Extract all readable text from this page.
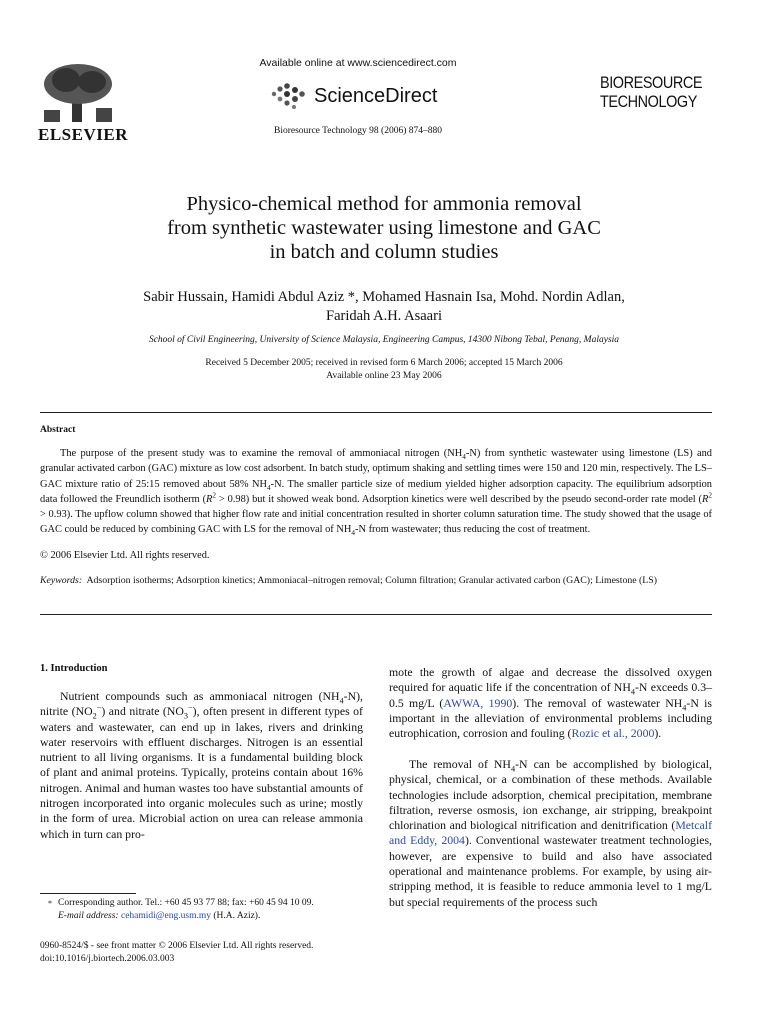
ELSEVIER
Available online at www.sciencedirect.com
ScienceDirect
Bioresource Technology 98 (2006) 874–880
BIORESOURCE
TECHNOLOGY
Physico-chemical method for ammonia removal
from synthetic wastewater using limestone and GAC
in batch and column studies
Sabir Hussain, Hamidi Abdul Aziz *, Mohamed Hasnain Isa, Mohd. Nordin Adlan,
Faridah A.H. Asaari
School of Civil Engineering, University of Science Malaysia, Engineering Campus, 14300 Nibong Tebal, Penang, Malaysia
Received 5 December 2005; received in revised form 6 March 2006; accepted 15 March 2006
Available online 23 May 2006
Abstract
The purpose of the present study was to examine the removal of ammoniacal nitrogen $(NH_4-N)$ from synthetic wastewater using limestone (LS) and granular activated carbon (GAC) mixture as low cost adsorbent. In batch study, optimum shaking and settling times were 150 and 120 min, respectively. The LS–GAC mixture ratio of 25:15 removed about 58% $NH_4-N$. The smaller particle size of medium yielded higher adsorption capacity. The equilibrium adsorption data followed the Freundlich isotherm $(R^2 > 0.98)$ but it showed weak bond. Adsorption kinetics were well described by the pseudo second-order rate model $(R^2 > 0.93)$. The upflow column showed that higher flow rate and initial concentration resulted in shorter column saturation time. The study showed that the usage of GAC could be reduced by combining GAC with LS for the removal of $NH_4-N$ from wastewater; thus reducing the cost of treatment.
© 2006 Elsevier Ltd. All rights reserved.
Keywords: Adsorption isotherms; Adsorption kinetics; Ammoniacal–nitrogen removal; Column filtration; Granular activated carbon (GAC); Limestone (LS)
1. Introduction
Nutrient compounds such as ammoniacal nitrogen $(NH_4-N)$, nitrite $(NO_2^-)$ and nitrate $(NO_3^-)$, often present in different types of waters and wastewater, can end up in lakes, rivers and drinking water reservoirs with effluent discharges. Nitrogen is an essential nutrient to all living organisms. It is a fundamental building block of plant and animal proteins. Typically, proteins contain about 16% nitrogen. Animal and human wastes too have substantial amounts of nitrogen incorporated into organic molecules such as urine; mostly in the form of urea. Microbial action on urea can release ammonia which in turn can pro-
mote the growth of algae and decrease the dissolved oxygen required for aquatic life if the concentration of $NH_4-N$ exceeds 0.3–0.5 mg/L (AWWA, 1990). The removal of wastewater $NH_4-N$ is important in the alleviation of environmental problems including eutrophication, corrosion and fouling (Rozic et al., 2000).
The removal of $NH_4-N$ can be accomplished by biological, physical, chemical, or a combination of these methods. Available technologies include adsorption, chemical precipitation, membrane filtration, reverse osmosis, ion exchange, air stripping, breakpoint chlorination and biological nitrification and denitrification (Metcalf and Eddy, 2004). Conventional wastewater treatment technologies, however, are expensive to build and also have associated operational and maintenance problems. For example, by using air-stripping method, it is feasible to reduce ammonia level to 1 mg/L but special requirements of the process such
* Corresponding author. Tel.: +60 45 93 77 88; fax: +60 45 94 10 09.
E-mail address: cehamidi@eng.usm.my (H.A. Aziz).
0960-8524/$ - see front matter © 2006 Elsevier Ltd. All rights reserved.
doi:10.1016/j.biortech.2006.03.003
